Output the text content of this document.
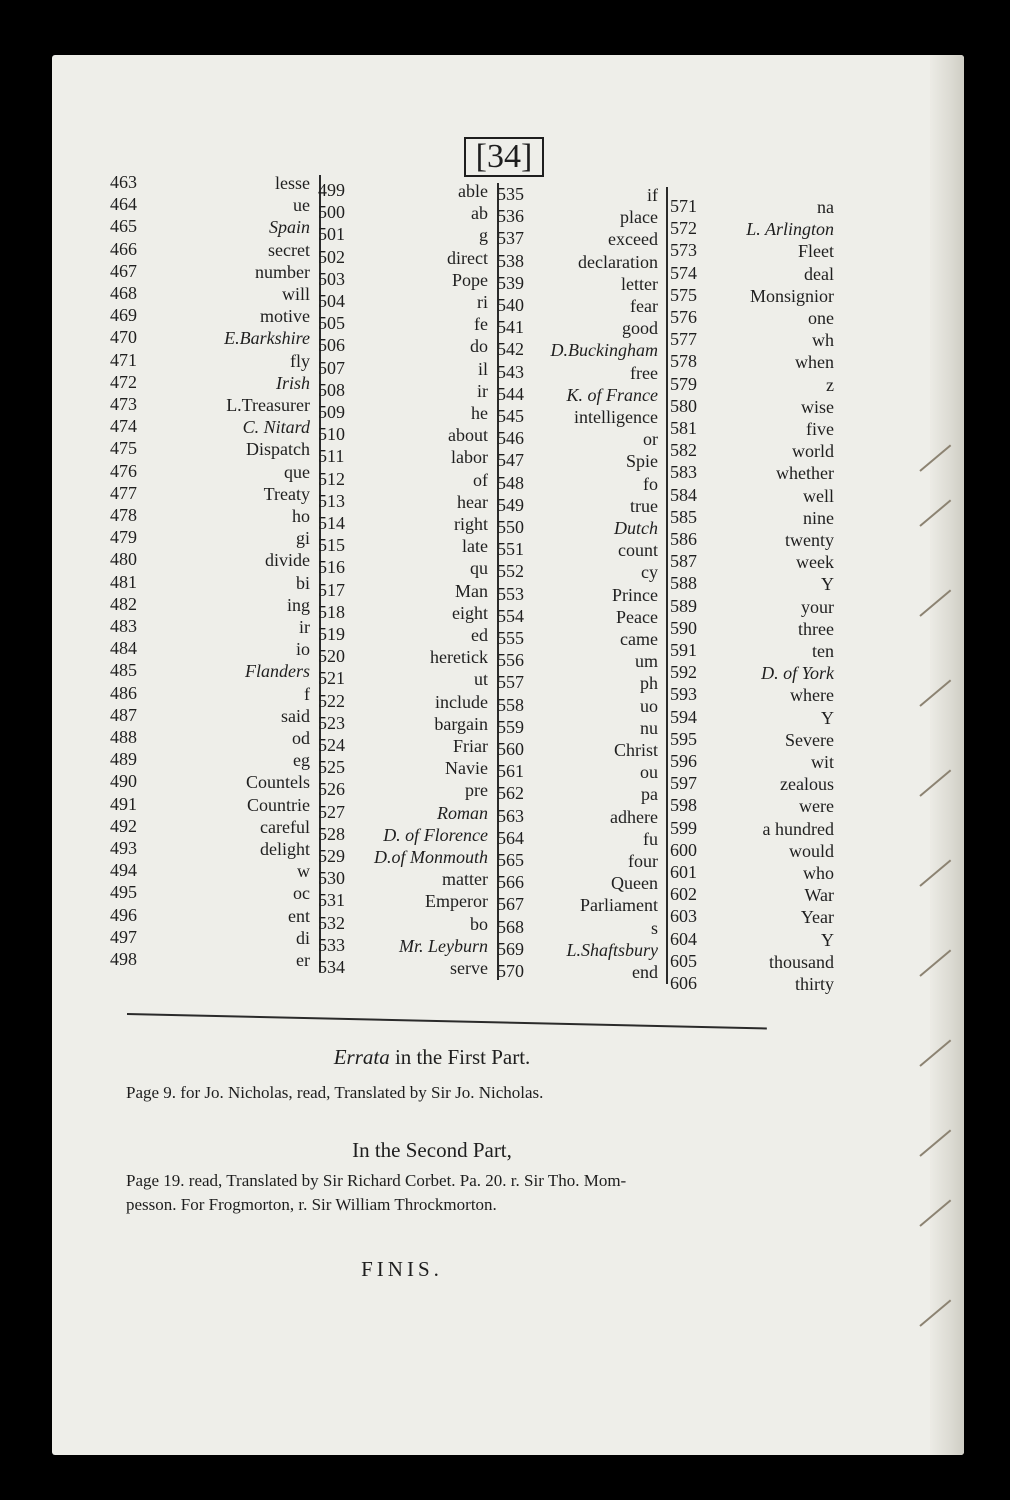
[34]
463	lesse
464	ue
465	Spain
466	secret
467	number
468	will
469	motive
470	E.Barkshire
471	fly
472	Irish
473	L.Treasurer
474	C. Nitard
475	Dispatch
476	que
477	Treaty
478	ho
479	gi
480	divide
481	bi
482	ing
483	ir
484	io
485	Flanders
486	f
487	said
488	od
489	eg
490	Countels
491	Countrie
492	careful
493	delight
494	w
495	oc
496	ent
497	di
498	er
499	able
500	ab
501	g
502	direct
503	Pope
504	ri
505	fe
506	do
507	il
508	ir
509	he
510	about
511	labor
512	of
513	hear
514	right
515	late
516	qu
517	Man
518	eight
519	ed
520	heretick
521	ut
522	include
523	bargain
524	Friar
525	Navie
526	pre
527	Roman
528	D. of Florence
529	D.of Monmouth
530	matter
531	Emperor
532	bo
533	Mr. Leyburn
534	serve
535	if
536	place
537	exceed
538	declaration
539	letter
540	fear
541	good
542	D.Buckingham
543	free
544	K. of France
545	intelligence
546	or
547	Spie
548	fo
549	true
550	Dutch
551	count
552	cy
553	Prince
554	Peace
555	came
556	um
557	ph
558	uo
559	nu
560	Christ
561	ou
562	pa
563	adhere
564	fu
565	four
566	Queen
567	Parliament
568	s
569	L.Shaftsbury
570	end
571	na
572	L. Arlington
573	Fleet
574	deal
575	Monsignior
576	one
577	wh
578	when
579	z
580	wise
581	five
582	world
583	whether
584	well
585	nine
586	twenty
587	week
588	Y
589	your
590	three
591	ten
592	D. of York
593	where
594	Y
595	Severe
596	wit
597	zealous
598	were
599	a hundred
600	would
601	who
602	War
603	Year
604	Y
605	thousand
606	thirty
Errata in the First Part.
Page 9. for Jo. Nicholas, read, Translated by Sir Jo. Nicholas.
In the Second Part,
Page 19. read, Translated by Sir Richard Corbet. Pa. 20. r. Sir Tho. Mom-
pesson. For Frogmorton, r. Sir William Throckmorton.
FINIS.
